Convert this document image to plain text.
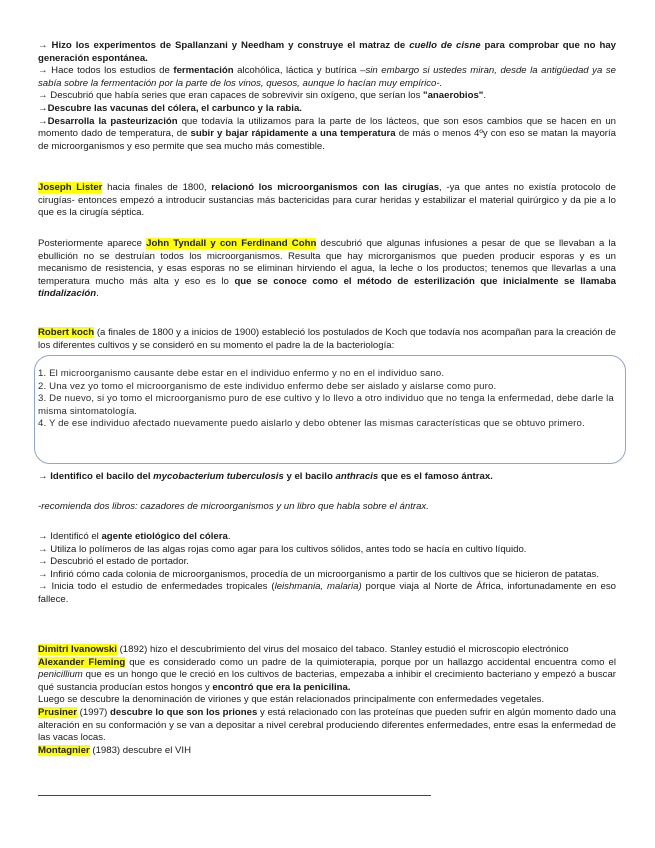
→ Hizo los experimentos de Spallanzani y Needham y construye el matraz de cuello de cisne para comprobar que no hay generación espontánea.
→ Hace todos los estudios de fermentación alcohólica, láctica y butírica –sin embargo si ustedes miran, desde la antigüedad ya se sabía sobre la fermentación por la parte de los vinos, quesos, aunque lo hacían muy empírico-.
→ Descubrió que había series que eran capaces de sobrevivir sin oxígeno, que serían los "anaerobios".
→Descubre las vacunas del cólera, el carbunco y la rabia.
→Desarrolla la pasteurización que todavía la utilizamos para la parte de los lácteos, que son esos cambios que se hacen en un momento dado de temperatura, de subir y bajar rápidamente a una temperatura de más o menos 4ºy con eso se matan la mayoría de microorganismos y eso permite que sea mucho más comestible.

Joseph Lister hacia finales de 1800, relacionó los microorganismos con las cirugías, -ya que antes no existía protocolo de cirugías- entonces empezó a introducir sustancias más bactericidas para curar heridas y estabilizar el material quirúrgico y da pie a lo que es la cirugía séptica.

Posteriormente aparece John Tyndall y con Ferdinand Cohn descubrió que algunas infusiones a pesar de que se llevaban a la ebullición no se destruían todos los microorganismos. Resulta que hay microrganismos que pueden producir esporas y es un mecanismo de resistencia, y esas esporas no se eliminan hirviendo el agua, la leche o los productos; tenemos que llevarlas a una temperatura mucho más alta y eso es lo que se conoce como el método de esterilización que inicialmente se llamaba tindalización.

Robert koch (a finales de 1800 y a inicios de 1900) estableció los postulados de Koch que todavía nos acompañan para la creación de los diferentes cultivos y se consideró en su momento el padre la de la bacteriología:

1. El microorganismo causante debe estar en el individuo enfermo y no en el individuo sano.
2. Una vez yo tomo el microorganismo de este individuo enfermo debe ser aislado y aislarse como puro.
3. De nuevo, si yo tomo el microorganismo puro de ese cultivo y lo llevo a otro individuo que no tenga la enfermedad, debe darle la misma sintomatología.
4. Y de ese individuo afectado nuevamente puedo aislarlo y debo obtener las mismas características que se obtuvo primero.

→ Identifico el bacilo del mycobacterium tuberculosis y el bacilo anthracis que es el famoso ántrax.

-recomienda dos libros: cazadores de microorganismos y un libro que habla sobre el ántrax.

→ Identificó el agente etiológico del cólera.
→ Utiliza lo polímeros de las algas rojas como agar para los cultivos sólidos, antes todo se hacía en cultivo líquido.
→ Descubrió el estado de portador.
→ Infirió cómo cada colonia de microorganismos, procedía de un microorganismo a partir de los cultivos que se hicieron de patatas.
→ Inicia todo el estudio de enfermedades tropicales (leishmania, malaria) porque viaja al Norte de África, infortunadamente en eso fallece.

Dimitri Ivanowski (1892) hizo el descubrimiento del virus del mosaico del tabaco. Stanley estudió el microscopio electrónico
Alexander Fleming que es considerado como un padre de la quimioterapia, porque por un hallazgo accidental encuentra como el penicillium que es un hongo que le creció en los cultivos de bacterias, empezaba a inhibir el crecimiento bacteriano y empezó a buscar qué sustancia producían estos hongos y encontró que era la penicilina.
Luego se descubre la denominación de viriones y que están relacionados principalmente con enfermedades vegetales.
Prusiner (1997) descubre lo que son los priones y está relacionado con las proteínas que pueden sufrir en algún momento dado una alteración en su conformación y se van a depositar a nivel cerebral produciendo diferentes enfermedades, entre esas la enfermedad de las vacas locas.
Montagnier (1983) descubre el VIH
